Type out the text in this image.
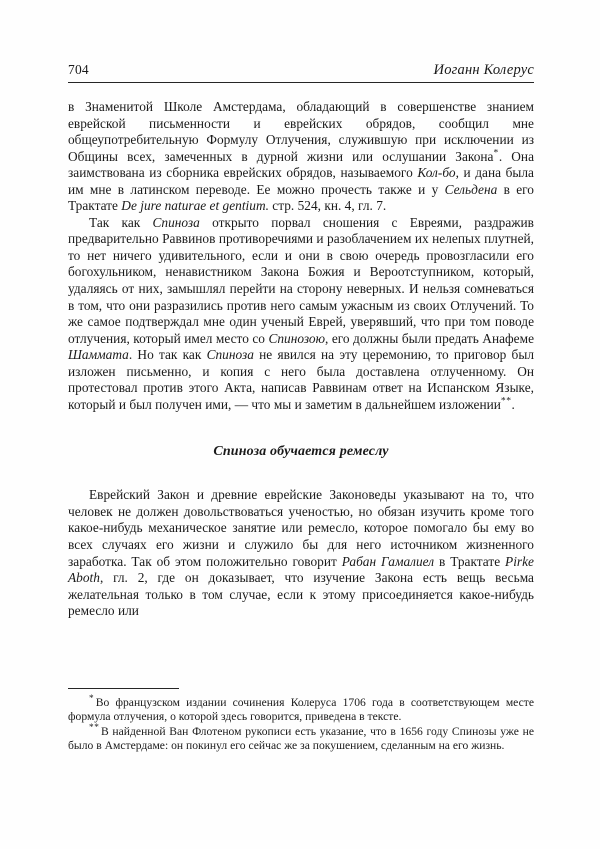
704	Иоганн Колерус

в Знаменитой Школе Амстердама, обладающий в совершенстве знанием еврейской письменности и еврейских обрядов, сообщил мне общеупотребительную Формулу Отлучения, служившую при исключении из Общины всех, замеченных в дурной жизни или ослушании Закона*. Она заимствована из сборника еврейских обрядов, называемого Кол-бо, и дана была им мне в латинском переводе. Ее можно прочесть также и у Сельдена в его Трактате De jure naturae et gentium. стр. 524, кн. 4, гл. 7.

Так как Спиноза открыто порвал сношения с Евреями, раздражив предварительно Раввинов противоречиями и разоблачением их нелепых плутней, то нет ничего удивительного, если и они в свою очередь провозгласили его богохульником, ненавистником Закона Божия и Вероотступником, который, удаляясь от них, замышлял перейти на сторону неверных. И нельзя сомневаться в том, что они разразились против него самым ужасным из своих Отлучений. То же самое подтверждал мне один ученый Еврей, уверявший, что при том поводе отлучения, который имел место со Спинозою, его должны были предать Анафеме Шаммата. Но так как Спиноза не явился на эту церемонию, то приговор был изложен письменно, и копия с него была доставлена отлученному. Он протестовал против этого Акта, написав Раввинам ответ на Испанском Языке, который и был получен ими, — что мы и заметим в дальнейшем изложении**.

Спиноза обучается ремеслу

Еврейский Закон и древние еврейские Законоведы указывают на то, что человек не должен довольствоваться ученостью, но обязан изучить кроме того какое-нибудь механическое занятие или ремесло, которое помогало бы ему во всех случаях его жизни и служило бы для него источником жизненного заработка. Так об этом положительно говорит Рабан Гамалиел в Трактате Pirke Aboth, гл. 2, где он доказывает, что изучение Закона есть вещь весьма желательная только в том случае, если к этому присоединяется какое-нибудь ремесло или

* Во французском издании сочинения Колеруса 1706 года в соответствующем месте формула отлучения, о которой здесь говорится, приведена в тексте.

** В найденной Ван Флотеном рукописи есть указание, что в 1656 году Спинозы уже не было в Амстердаме: он покинул его сейчас же за покушением, сделанным на его жизнь.
